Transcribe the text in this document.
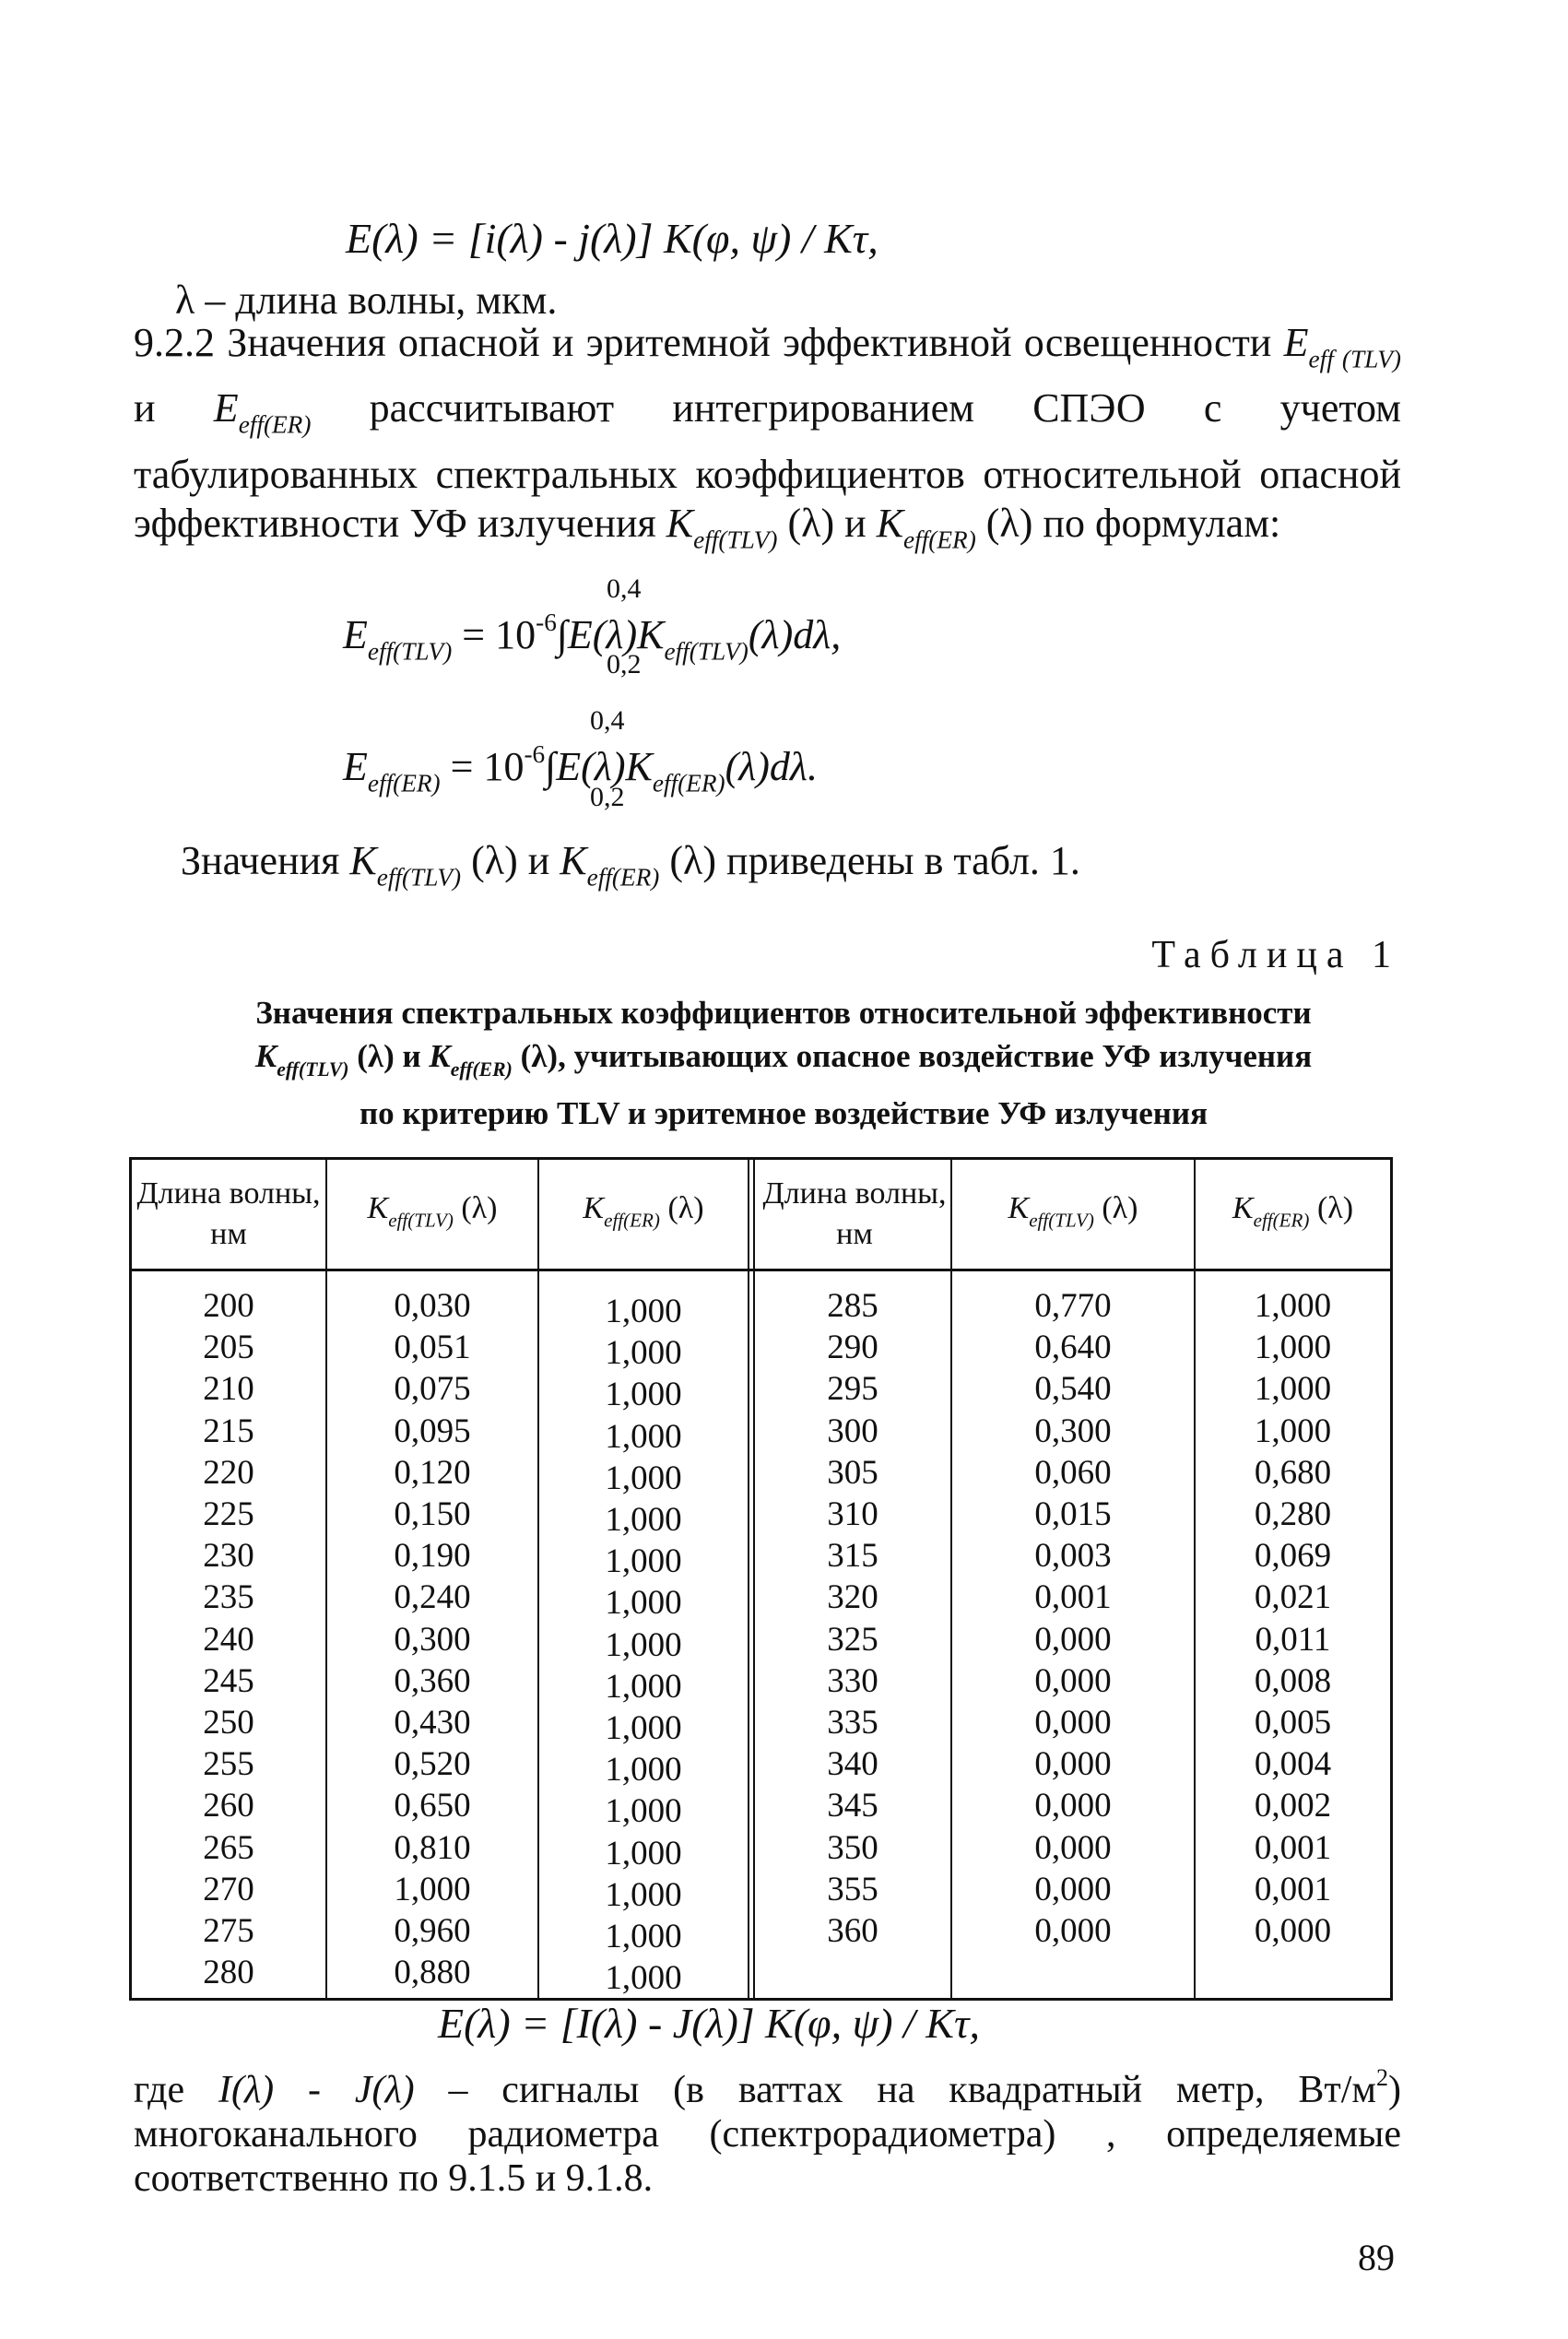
E(λ) = [i(λ) - j(λ)] K(φ, ψ) / Kτ,
λ – длина волны, мкм.
9.2.2 Значения опасной и эритемной эффективной освещенности $E_{eff (TLV)}$ и $E_{eff(ER)}$ рассчитывают интегрированием СПЭО с учетом табулированных спектральных коэффициентов относительной опасной эффективности УФ излучения $K_{eff(TLV)}$ (λ) и $K_{eff(ER)}$ (λ) по формулам:
0,4
$E_{eff(TLV)} = 10^{-6}\int E(\lambda)K_{eff(TLV)}(\lambda)d\lambda$,
0,2
0,4
$E_{eff(ER)} = 10^{-6}\int E(\lambda)K_{eff(ER)}(\lambda)d\lambda$.
0,2
Значения $K_{eff(TLV)}$ (λ) и $K_{eff(ER)}$ (λ) приведены в табл. 1.
Таблица 1
Значения спектральных коэффициентов относительной эффективности
$K_{eff(TLV)}$ (λ) и $K_{eff(ER)}$ (λ), учитывающих опасное воздействие УФ излучения
по критерию TLV и эритемное воздействие УФ излучения
Длина волны, нм
$K_{eff(TLV)}$ (λ)	$K_{eff(ER)}$ (λ) Длина волны, нм
$K_{eff(TLV)}$ (λ)	$K_{eff(ER)}$ (λ)
200
205
210
215
220
225
230
235
240
245
250
255
260
265
270
275
280
0,030
0,051
0,075
0,095
0,120
0,150
0,190
0,240
0,300
0,360
0,430
0,520
0,650
0,810
1,000
0,960
0,880
1,000
1,000
1,000
1,000
1,000
1,000
1,000
1,000
1,000
1,000
1,000
1,000
1,000
1,000
1,000
1,000
1,000
285
290
295
300
305
310
315
320
325
330
335
340
345
350
355
360
0,770
0,640
0,540
0,300
0,060
0,015
0,003
0,001
0,000
0,000
0,000
0,000
0,000
0,000
0,000
0,000
1,000
1,000
1,000
1,000
0,680
0,280
0,069
0,021
0,011
0,008
0,005
0,004
0,002
0,001
0,001
0,000
E(λ) = [I(λ) - J(λ)] K(φ, ψ) / Kτ,
где I(λ) - J(λ) – сигналы (в ваттах на квадратный метр, $Вт/м^2$) многоканального радиометра (спектрорадиометра) , определяемые соответственно по 9.1.5 и 9.1.8.
89
